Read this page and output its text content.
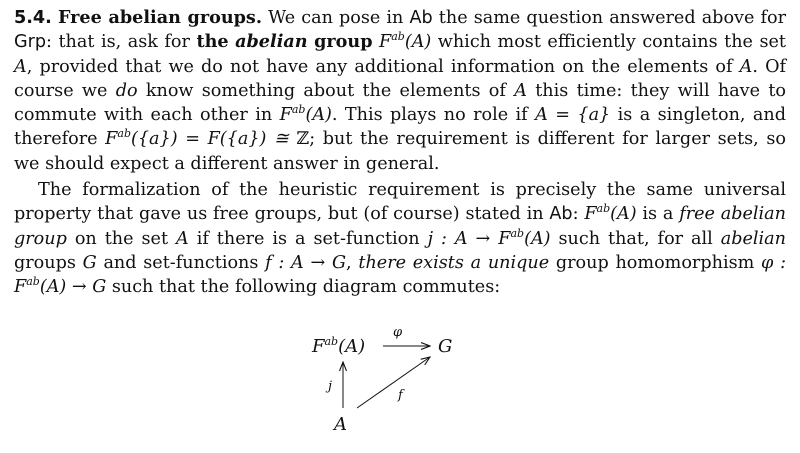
5.4. Free abelian groups. We can pose in Ab the same question answered above for Grp: that is, ask for the abelian group $F^{ab}(A)$ which most efficiently contains the set A, provided that we do not have any additional information on the elements of A. Of course we do know something about the elements of A this time: they will have to commute with each other in $F^{ab}(A)$. This plays no role if A = {a} is a singleton, and therefore $F^{ab}(\{a\}) = F(\{a\})$ ≅ ℤ; but the requirement is different for larger sets, so we should expect a different answer in general.

The formalization of the heuristic requirement is precisely the same universal property that gave us free groups, but (of course) stated in Ab: $F^{ab}(A)$ is a free abelian group on the set A if there is a set-function j : $A \to F^{ab}(A)$ such that, for all abelian groups G and set-functions f : A → G, there exists a unique group homomorphism φ : $F^{ab}(A) \to G$ such that the following diagram commutes:

$F^{ab}(A)$	G
A
φ
j
f
